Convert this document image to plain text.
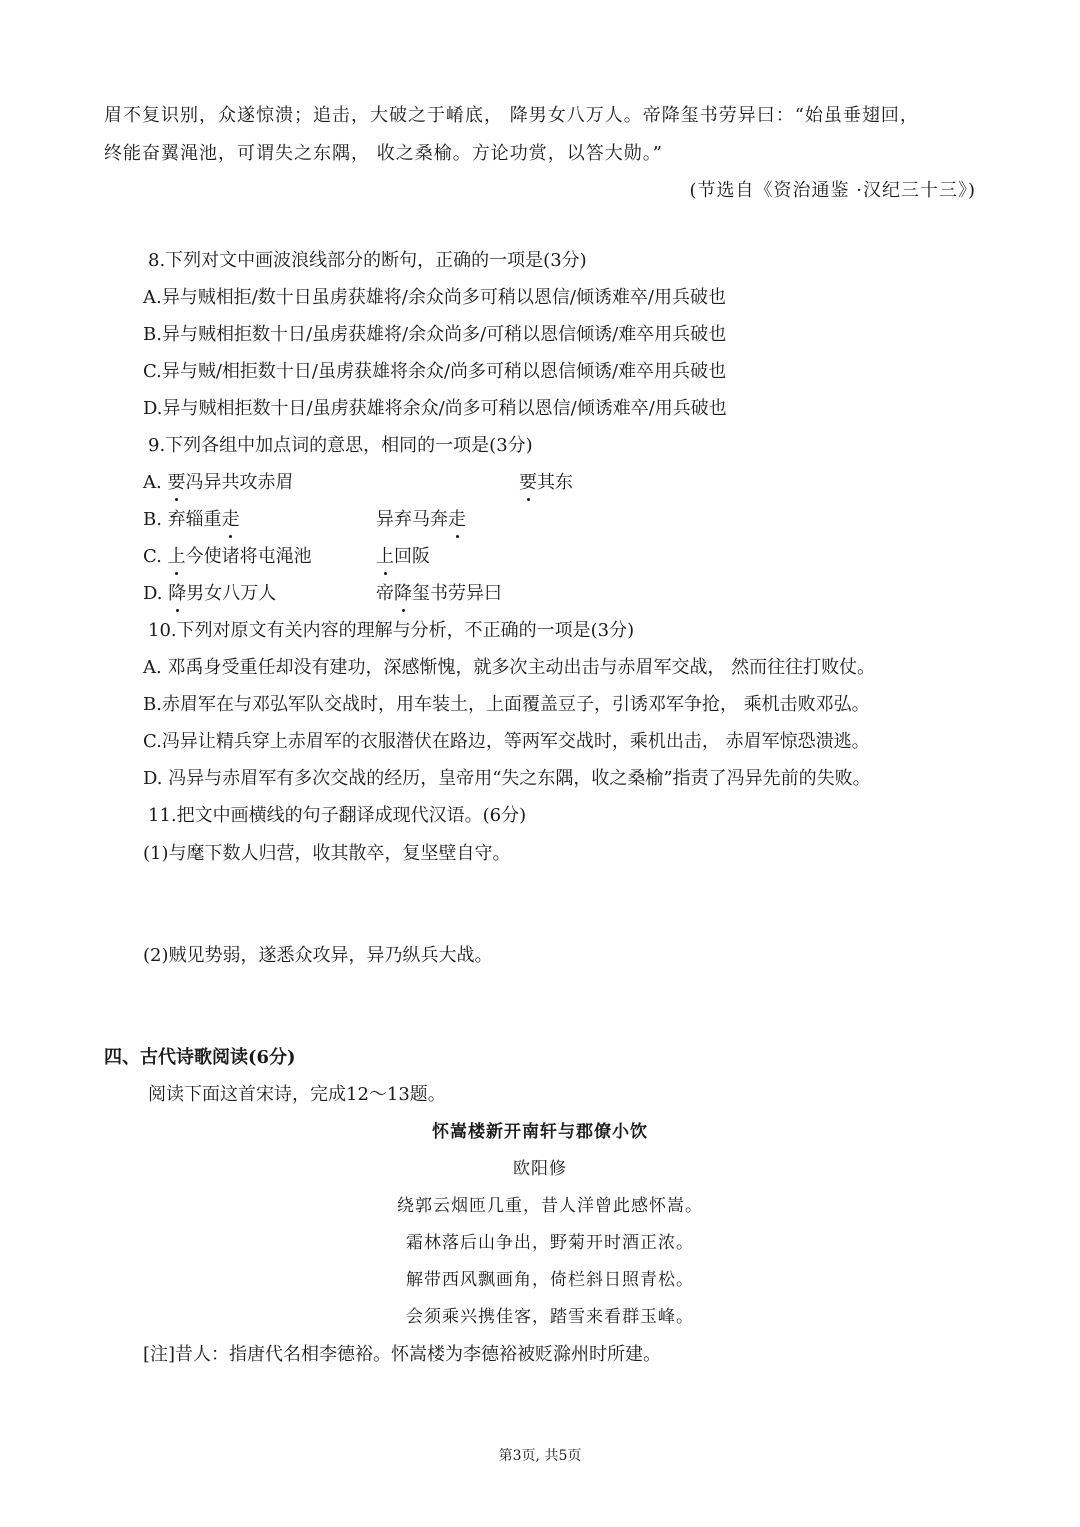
眉不复识别，众遂惊溃；追击，大破之于崤底， 降男女八万人。帝降玺书劳异曰：“始虽垂翅回，
终能奋翼渑池，可谓失之东隅， 收之桑榆。方论功赏，以答大勋。”
(节选自《资治通鉴 ·汉纪三十三》)
8.下列对文中画波浪线部分的断句，正确的一项是(3分)
A.异与贼相拒/数十日虽虏获雄将/余众尚多可稍以恩信/倾诱难卒/用兵破也
B.异与贼相拒数十日/虽虏获雄将/余众尚多/可稍以恩信倾诱/难卒用兵破也
C.异与贼/相拒数十日/虽虏获雄将余众/尚多可稍以恩信倾诱/难卒用兵破也
D.异与贼相拒数十日/虽虏获雄将余众/尚多可稍以恩信/倾诱难卒/用兵破也
9.下列各组中加点词的意思，相同的一项是(3分)
A. 要冯异共攻赤眉	要其东
B. 弃辎重走	异弃马奔走
C. 上今使诸将屯渑池	上回阪
D. 降男女八万人	帝降玺书劳异曰
10.下列对原文有关内容的理解与分析，不正确的一项是(3分)
A. 邓禹身受重任却没有建功，深感惭愧，就多次主动出击与赤眉军交战， 然而往往打败仗。
B.赤眉军在与邓弘军队交战时，用车装土，上面覆盖豆子，引诱邓军争抢， 乘机击败邓弘。
C.冯异让精兵穿上赤眉军的衣服潜伏在路边，等两军交战时，乘机出击， 赤眉军惊恐溃逃。
D. 冯异与赤眉军有多次交战的经历，皇帝用“失之东隅，收之桑榆”指责了冯异先前的失败。
11.把文中画横线的句子翻译成现代汉语。(6分)
(1)与麾下数人归营，收其散卒，复坚壁自守。
(2)贼见势弱，遂悉众攻异，异乃纵兵大战。
四、古代诗歌阅读(6分)
阅读下面这首宋诗，完成12～13题。
怀嵩楼新开南轩与郡僚小饮
欧阳修
绕郭云烟匝几重，昔人洋曾此感怀嵩。
霜林落后山争出，野菊开时酒正浓。
解带西风飘画角，倚栏斜日照青松。
会须乘兴携佳客，踏雪来看群玉峰。
[注]昔人：指唐代名相李德裕。怀嵩楼为李德裕被贬滁州时所建。
第3页, 共5页
